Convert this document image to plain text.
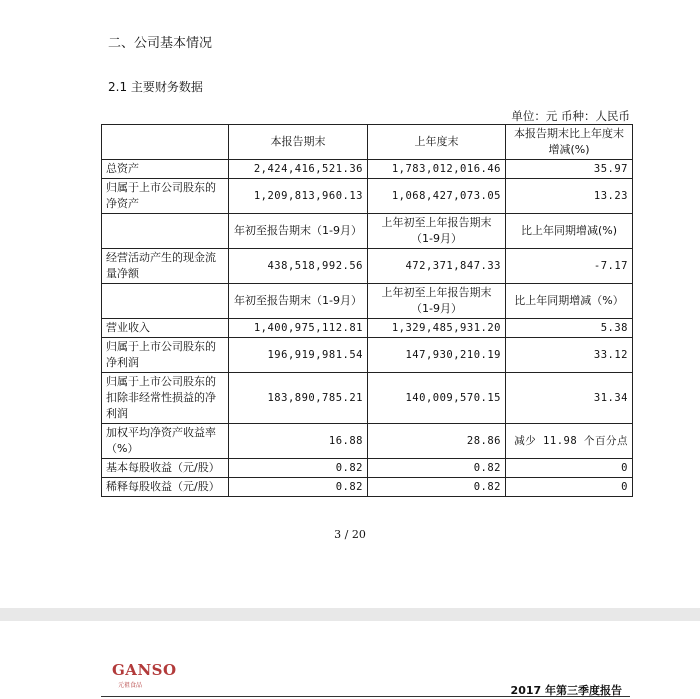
二、公司基本情况
2.1 主要财务数据
单位：元 币种：人民币
	本报告期末	上年度末	本报告期末比上年度末增减(%)
总资产	2,424,416,521.36	1,783,012,016.46	35.97
归属于上市公司股东的净资产	1,209,813,960.13	1,068,427,073.05	13.23
	年初至报告期末（1-9月）	上年初至上年报告期末（1-9月）	比上年同期增减(%)
经营活动产生的现金流量净额	438,518,992.56	472,371,847.33	-7.17
	年初至报告期末（1-9月）	上年初至上年报告期末（1-9月）	比上年同期增减（%）
营业收入	1,400,975,112.81	1,329,485,931.20	5.38
归属于上市公司股东的净利润	196,919,981.54	147,930,210.19	33.12
归属于上市公司股东的扣除非经常性损益的净利润	183,890,785.21	140,009,570.15	31.34
加权平均净资产收益率（%）	16.88	28.86	减少 11.98 个百分点
基本每股收益（元/股）	0.82	0.82	0
稀释每股收益（元/股）	0.82	0.82	0
3 / 20
GANSO
元祖食品	2017 年第三季度报告
